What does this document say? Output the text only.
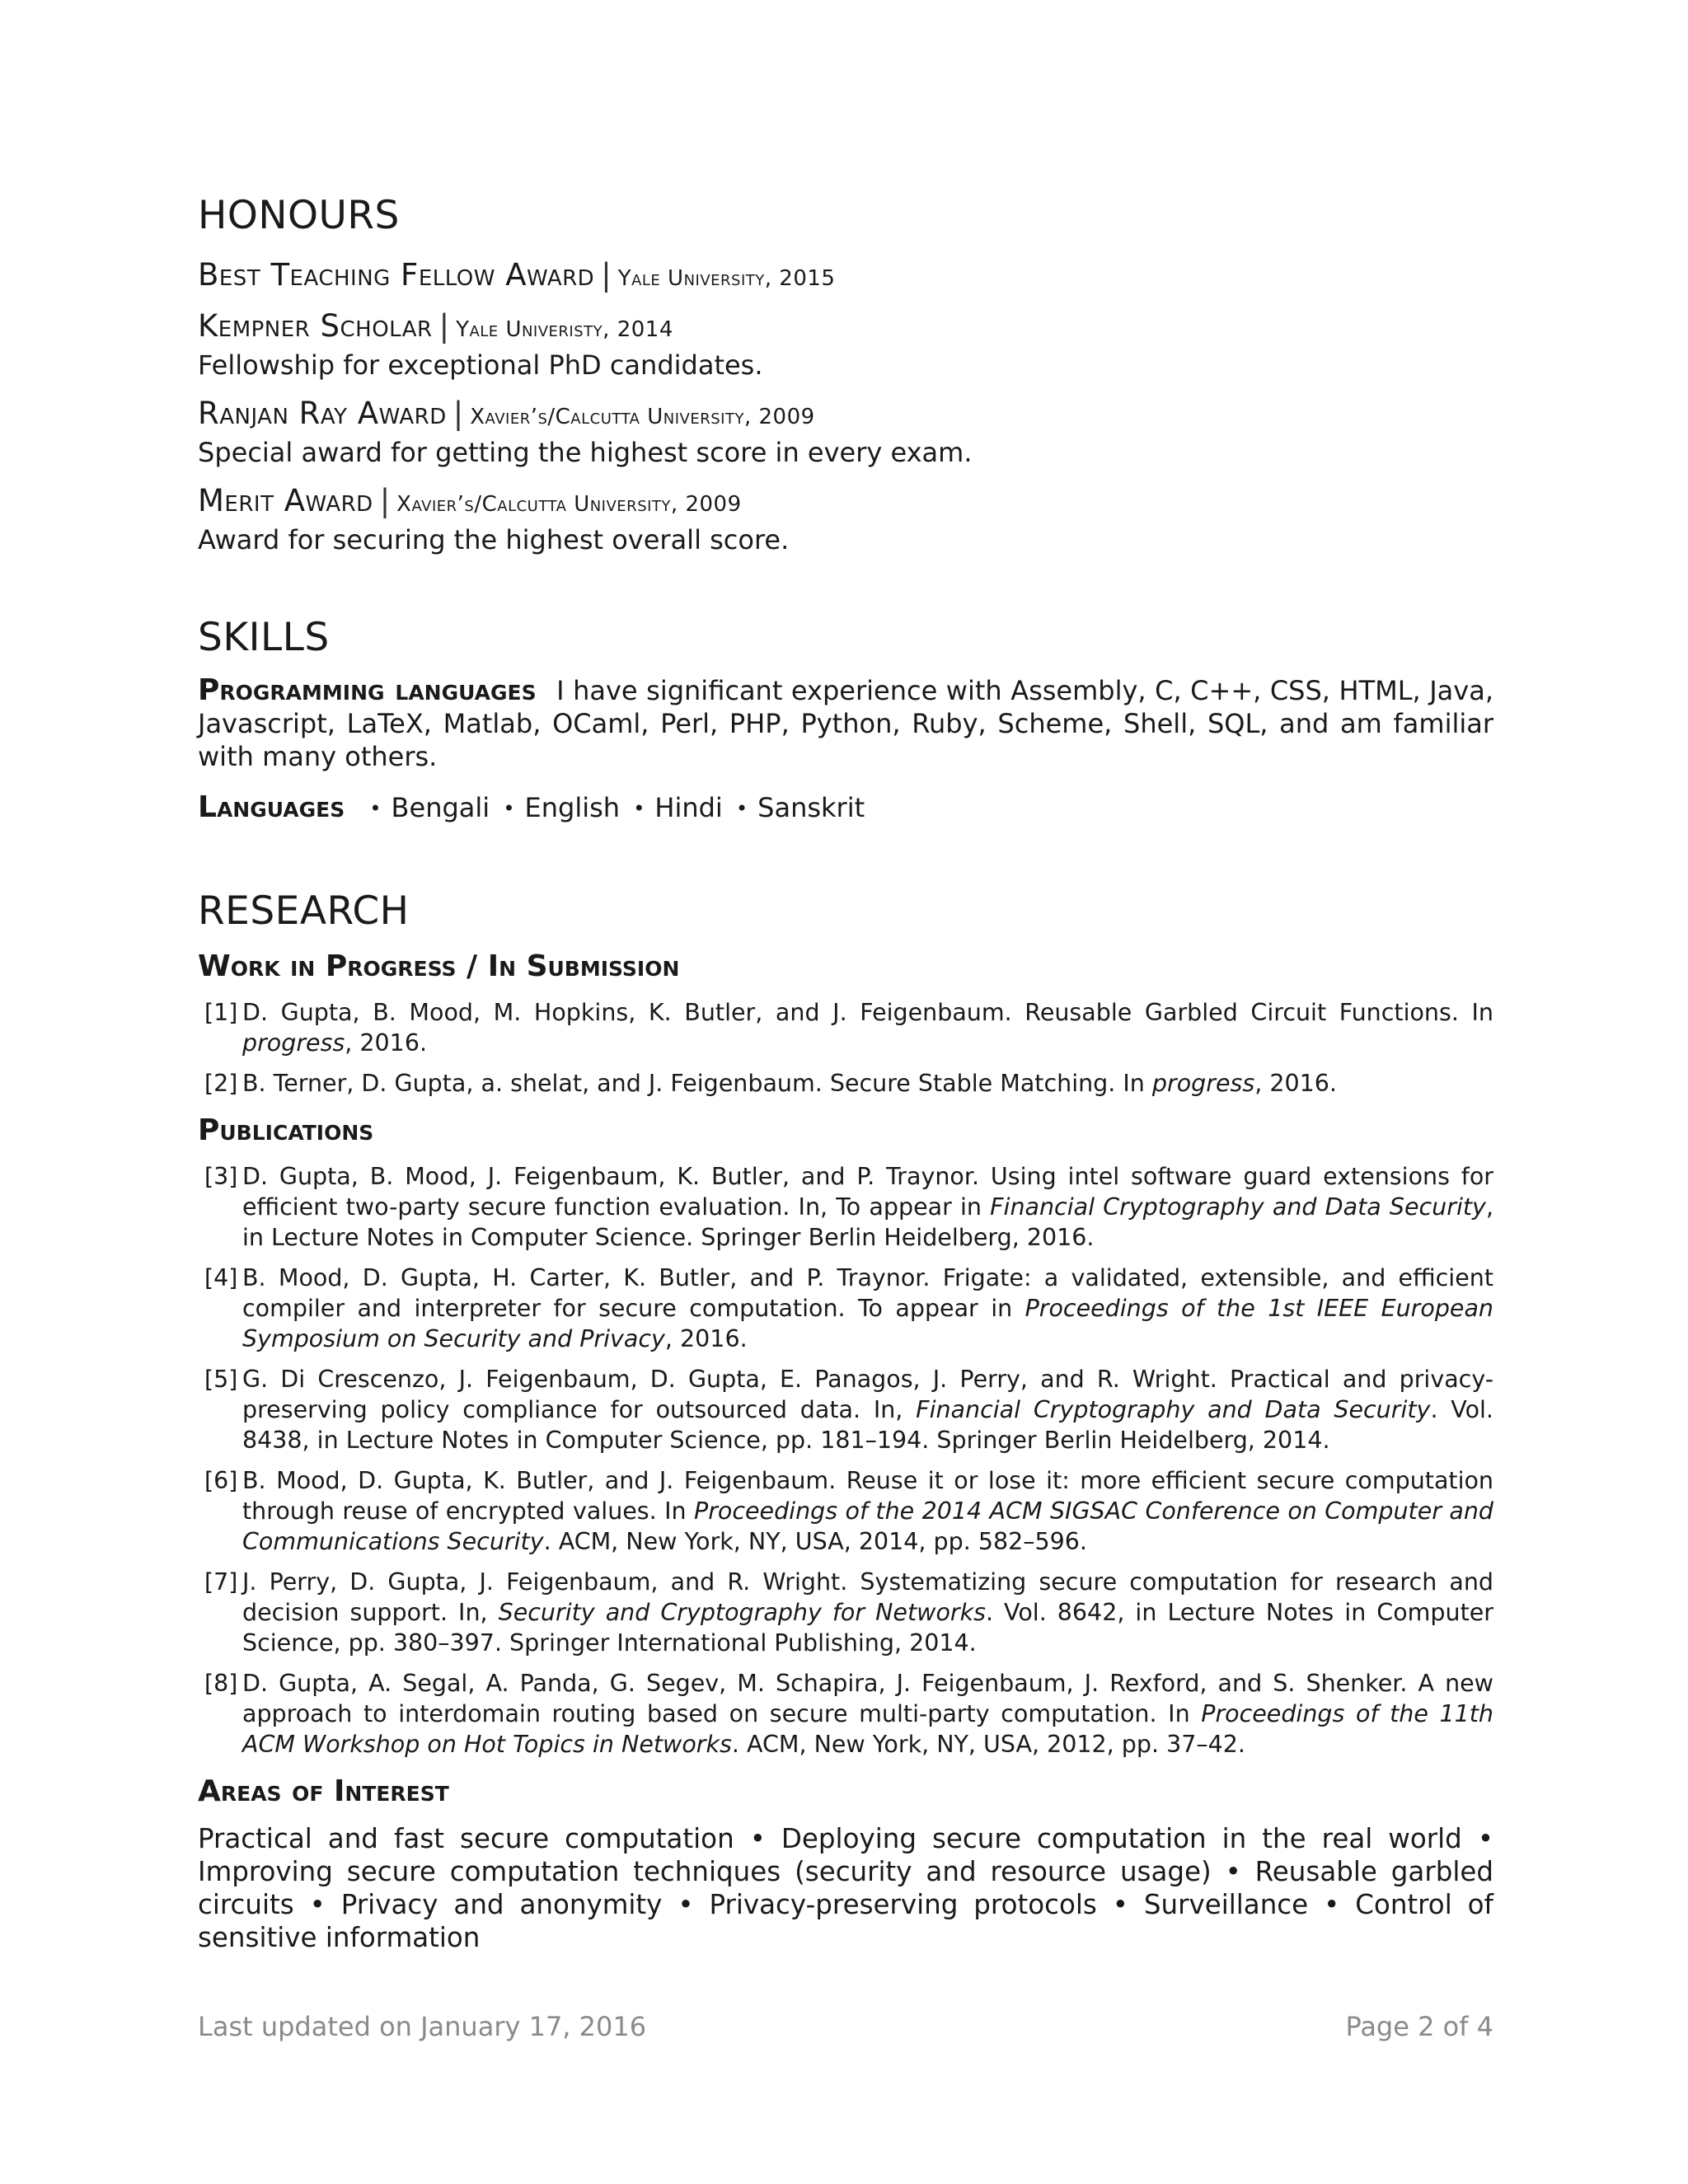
HONOURS
Best Teaching Fellow Award | Yale University, 2015
Kempner Scholar | Yale Univeristy, 2014
Fellowship for exceptional PhD candidates.
Ranjan Ray Award | Xavier’s/Calcutta University, 2009
Special award for getting the highest score in every exam.
Merit Award | Xavier’s/Calcutta University, 2009
Award for securing the highest overall score.
SKILLS
Programming languages I have significant experience with Assembly, C, C++, CSS, HTML, Java, Javascript, LaTeX, Matlab, OCaml, Perl, PHP, Python, Ruby, Scheme, Shell, SQL, and am familiar with many others.
Languages • Bengali • English • Hindi • Sanskrit
RESEARCH
Work in Progress / In Submission
[1] D. Gupta, B. Mood, M. Hopkins, K. Butler, and J. Feigenbaum. Reusable Garbled Circuit Functions. In progress, 2016.
[2] B. Terner, D. Gupta, a. shelat, and J. Feigenbaum. Secure Stable Matching. In progress, 2016.
Publications
[3] D. Gupta, B. Mood, J. Feigenbaum, K. Butler, and P. Traynor. Using intel software guard extensions for efficient two-party secure function evaluation. In, To appear in Financial Cryptography and Data Security, in Lecture Notes in Computer Science. Springer Berlin Heidelberg, 2016.
[4] B. Mood, D. Gupta, H. Carter, K. Butler, and P. Traynor. Frigate: a validated, extensible, and efficient compiler and interpreter for secure computation. To appear in Proceedings of the 1st IEEE European Symposium on Security and Privacy, 2016.
[5] G. Di Crescenzo, J. Feigenbaum, D. Gupta, E. Panagos, J. Perry, and R. Wright. Practical and privacy-preserving policy compliance for outsourced data. In, Financial Cryptography and Data Security. Vol. 8438, in Lecture Notes in Computer Science, pp. 181–194. Springer Berlin Heidelberg, 2014.
[6] B. Mood, D. Gupta, K. Butler, and J. Feigenbaum. Reuse it or lose it: more efficient secure computation through reuse of encrypted values. In Proceedings of the 2014 ACM SIGSAC Conference on Computer and Communications Security. ACM, New York, NY, USA, 2014, pp. 582–596.
[7] J. Perry, D. Gupta, J. Feigenbaum, and R. Wright. Systematizing secure computation for research and decision support. In, Security and Cryptography for Networks. Vol. 8642, in Lecture Notes in Computer Science, pp. 380–397. Springer International Publishing, 2014.
[8] D. Gupta, A. Segal, A. Panda, G. Segev, M. Schapira, J. Feigenbaum, J. Rexford, and S. Shenker. A new approach to interdomain routing based on secure multi-party computation. In Proceedings of the 11th ACM Workshop on Hot Topics in Networks. ACM, New York, NY, USA, 2012, pp. 37–42.
Areas of Interest
Practical and fast secure computation • Deploying secure computation in the real world • Improving secure computation techniques (security and resource usage) • Reusable garbled circuits • Privacy and anonymity • Privacy-preserving protocols • Surveillance • Control of sensitive information
Last updated on January 17, 2016	Page 2 of 4
